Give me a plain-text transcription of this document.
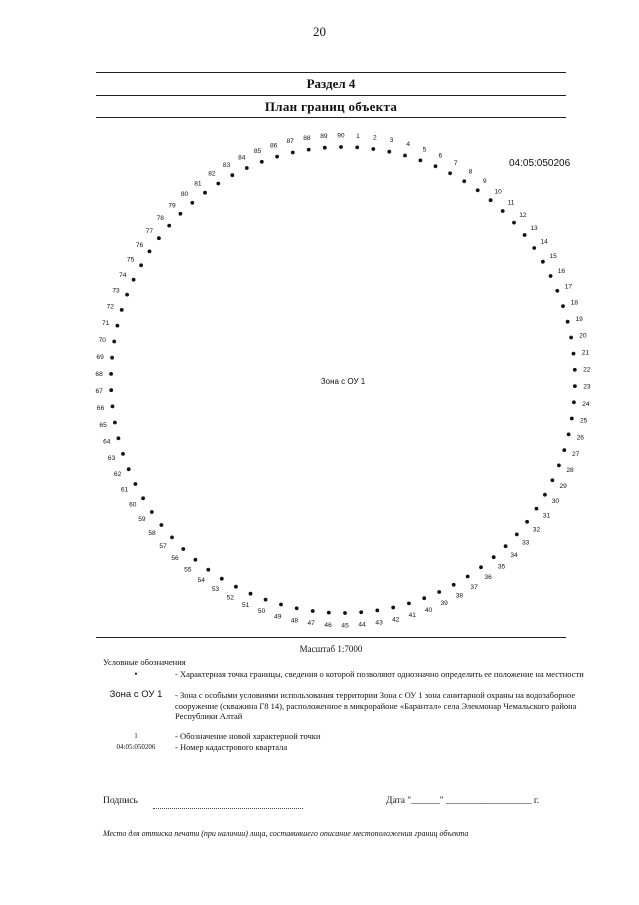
20
Раздел 4
План границ объекта
04:05:050206
Зона с ОУ 1
1 2 3
4
5
6
7
8
9
10
11
12
13
14
15
16
17
18
19
20
21
22
23
24
25
26
27
28
29
30
31
32
33
34
35
36
37
38
39
40
41
42
43
44
45
46
47
48
49
50
51
52
53
54
55
56
57
58
59
60
61
62
63
64
65
66
67
68
69
70
71
72
73
74
75
76
77
78
79
80
81
82
83
84
85
86
87 88 89 90
Масштаб 1:7000
Условные обозначения
•	- Характерная точка границы, сведения о которой позволяют однозначно определить ее положение на местности
Зона с ОУ 1	- Зона с особыми условиями использования территории Зона с ОУ 1 зона санитарной охраны на водозаборное сооружение (скважина Г8 14), расположенное в микрорайоне «Барантал» села Элекмонар Чемальского района Республики Алтай
1	- Обозначение новой характерной точки
04:05:050206	- Номер кадастрового квартала
Подпись	Дата "______" __________________ г.
Место для оттиска печати (при наличии) лица, составившего описание местоположения границ объекта
